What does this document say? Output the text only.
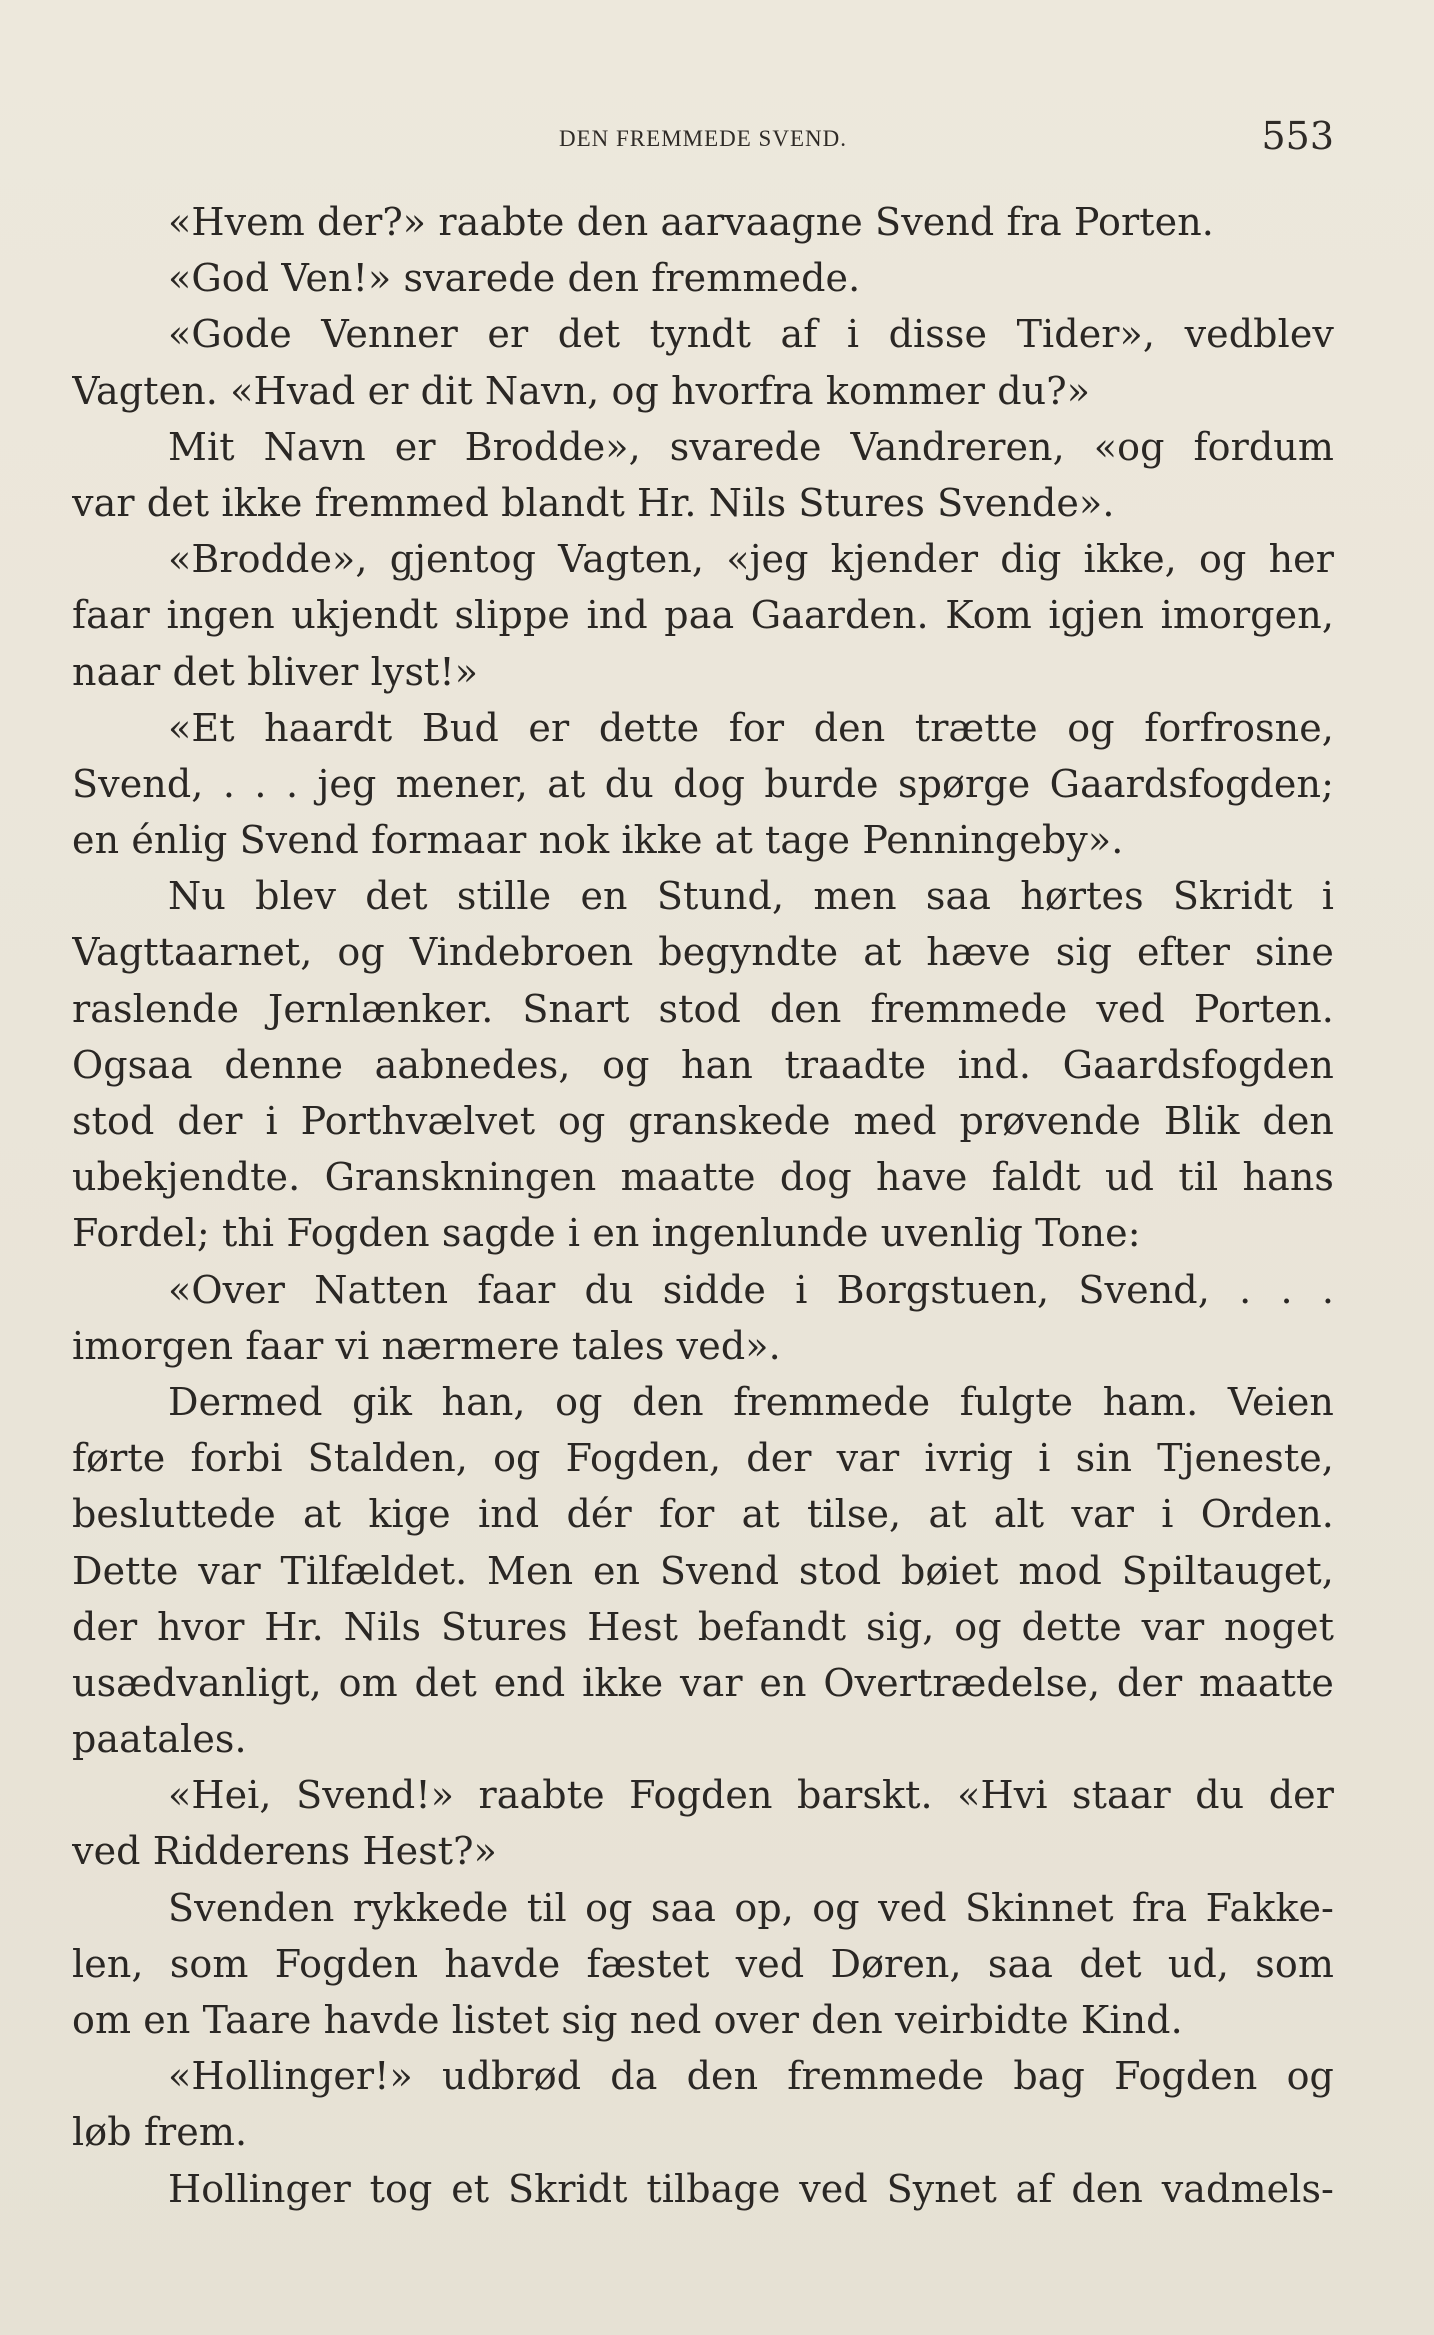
DEN FREMMEDE SVEND.	553
«Hvem der?» raabte den aarvaagne Svend fra Porten.
«God Ven!» svarede den fremmede.
«Gode Venner er det tyndt af i disse Tider», vedblev
Vagten. «Hvad er dit Navn, og hvorfra kommer du?»
Mit Navn er Brodde», svarede Vandreren, «og fordum
var det ikke fremmed blandt Hr. Nils Stures Svende».
«Brodde», gjentog Vagten, «jeg kjender dig ikke, og her
faar ingen ukjendt slippe ind paa Gaarden. Kom igjen imorgen,
naar det bliver lyst!»
«Et haardt Bud er dette for den trætte og forfrosne,
Svend, . . . jeg mener, at du dog burde spørge Gaardsfogden;
en énlig Svend formaar nok ikke at tage Penningeby».
Nu blev det stille en Stund, men saa hørtes Skridt i
Vagttaarnet, og Vindebroen begyndte at hæve sig efter sine
raslende Jernlænker. Snart stod den fremmede ved Porten.
Ogsaa denne aabnedes, og han traadte ind. Gaardsfogden
stod der i Porthvælvet og granskede med prøvende Blik den
ubekjendte. Granskningen maatte dog have faldt ud til hans
Fordel; thi Fogden sagde i en ingenlunde uvenlig Tone:
«Over Natten faar du sidde i Borgstuen, Svend, . . .
imorgen faar vi nærmere tales ved».
Dermed gik han, og den fremmede fulgte ham. Veien
førte forbi Stalden, og Fogden, der var ivrig i sin Tjeneste,
besluttede at kige ind dér for at tilse, at alt var i Orden.
Dette var Tilfældet. Men en Svend stod bøiet mod Spiltauget,
der hvor Hr. Nils Stures Hest befandt sig, og dette var noget
usædvanligt, om det end ikke var en Overtrædelse, der maatte
paatales.
«Hei, Svend!» raabte Fogden barskt. «Hvi staar du der
ved Ridderens Hest?»
Svenden rykkede til og saa op, og ved Skinnet fra Fakke-
len, som Fogden havde fæstet ved Døren, saa det ud, som
om en Taare havde listet sig ned over den veirbidte Kind.
«Hollinger!» udbrød da den fremmede bag Fogden og
løb frem.
Hollinger tog et Skridt tilbage ved Synet af den vadmels-
